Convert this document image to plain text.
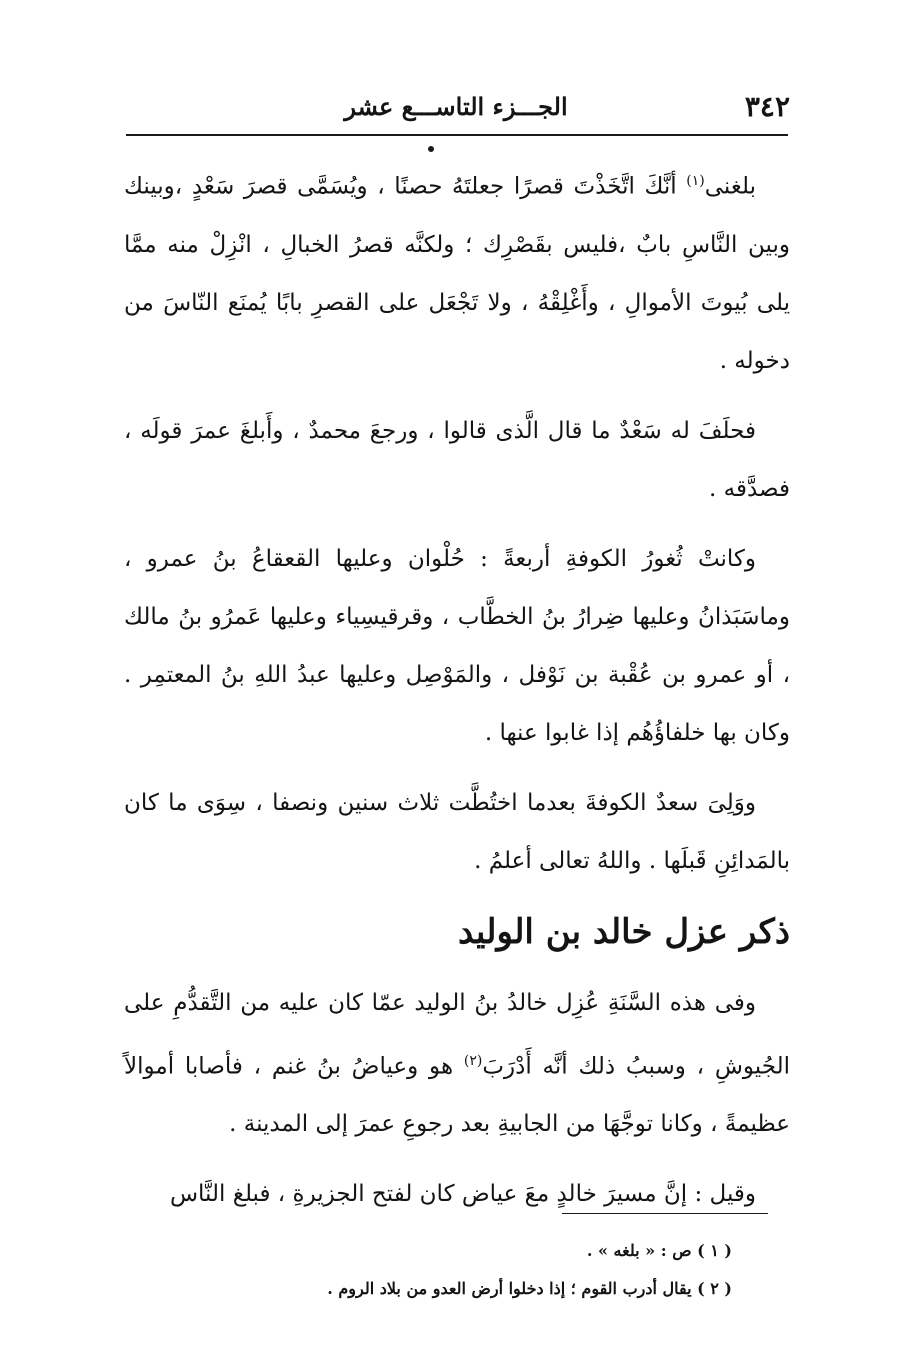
٣٤٢
الجـــزء التاســـع عشر

بلغنى$^{(١)}$ أنَّكَ اتَّخَذْتَ قصرًا جعلتَهُ حصنًا ، ويُسَمَّى قصرَ سَعْدٍ ،وبينك وبين النَّاسِ بابٌ ،فليس بقَصْرِك ؛ ولكنَّه قصرُ الخبالِ ، انْزِلْ منه ممَّا يلى بُيوتَ الأموالِ ، وأَغْلِقْهُ ، ولا تَجْعَل على القصرِ بابًا يُمنَع النّاسَ من دخوله .

فحلَفَ له سَعْدٌ ما قال الَّذى قالوا ، ورجعَ محمدٌ ، وأَبلغَ عمرَ قولَه ، فصدَّقه .

وكانتْ ثُغورُ الكوفةِ أربعةً : حُلْوان وعليها القعقاعُ بنُ عمرو ، وماسَبَذانُ وعليها ضِرارُ بنُ الخطَّاب ، وقرقيسِياء وعليها عَمرُو بنُ مالك ، أو عمرو بن عُقْبة بن نَوْفل ، والمَوْصِل وعليها عبدُ اللهِ بنُ المعتمِر . وكان بها خلفاؤُهُم إذا غابوا عنها .

ووَلِىَ سعدٌ الكوفةَ بعدما اختُطَّت ثلاث سنين ونصفا ، سِوَى ما كان بالمَدائِنِ قَبلَها . واللهُ تعالى أعلمُ .

ذكر عزل خالد بن الوليد

وفى هذه السَّنَةِ عُزِل خالدُ بنُ الوليد عمّا كان عليه من التَّقدُّمِ على الجُيوشِ ، وسببُ ذلك أنَّه أَدْرَبَ$^{(٢)}$ هو وعياضُ بنُ غنم ، فأصابا أموالاً عظيمةً ، وكانا توجَّهَا من الجابيةِ بعد رجوعِ عمرَ إلى المدينة .

وقيل : إنَّ مسيرَ خالدٍ معَ عياض كان لفتح الجزيرةِ ، فبلغ النَّاس

( ١ ) ص : « بلغه » .
( ٢ ) يقال أدرب القوم ؛ إذا دخلوا أرض العدو من بلاد الروم .
